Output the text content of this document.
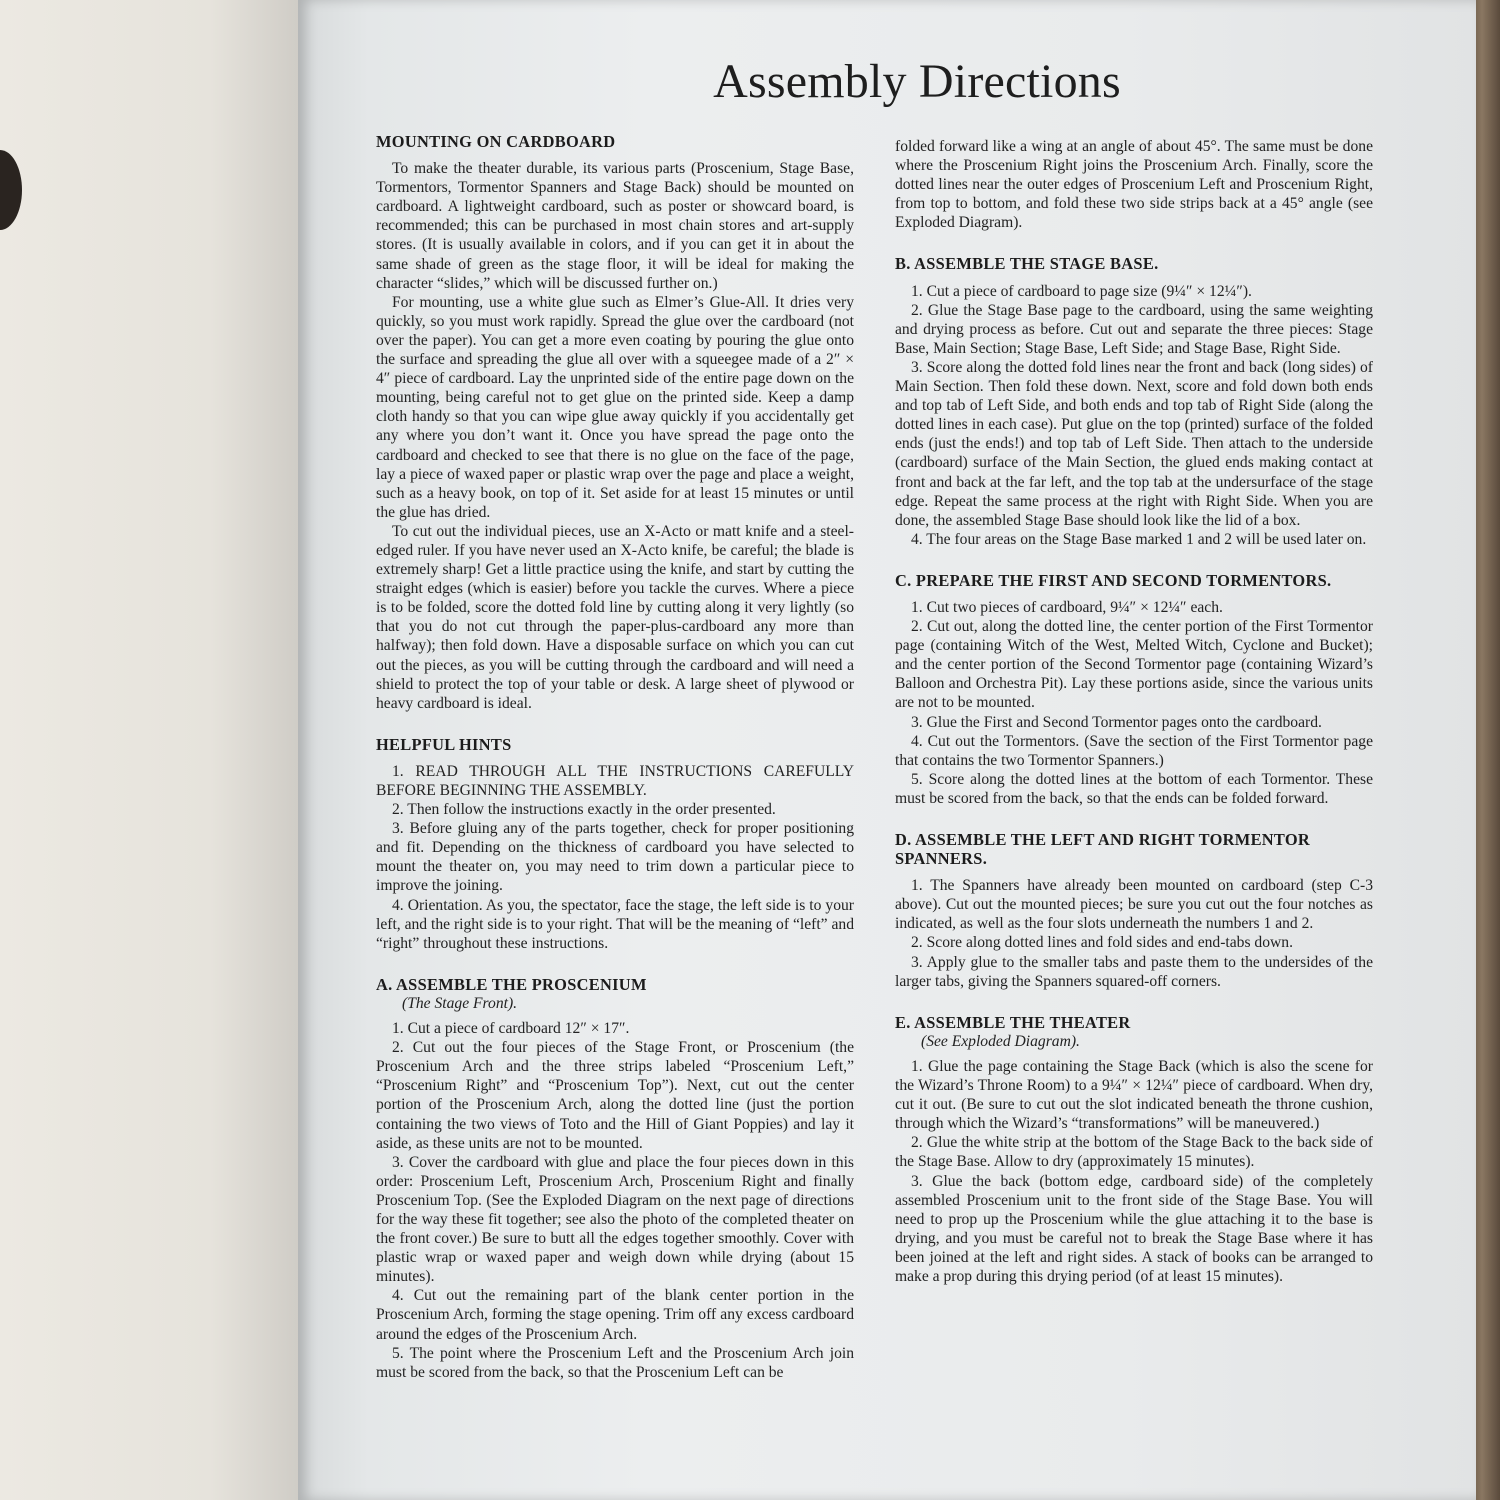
Assembly Directions
MOUNTING ON CARDBOARD

To make the theater durable, its various parts (Proscenium, Stage Base, Tormentors, Tormentor Spanners and Stage Back) should be mounted on cardboard. A lightweight cardboard, such as poster or showcard board, is recommended; this can be purchased in most chain stores and art-supply stores. (It is usually available in colors, and if you can get it in about the same shade of green as the stage floor, it will be ideal for making the character “slides,” which will be discussed further on.)

For mounting, use a white glue such as Elmer’s Glue-All. It dries very quickly, so you must work rapidly. Spread the glue over the cardboard (not over the paper). You can get a more even coating by pouring the glue onto the surface and spreading the glue all over with a squeegee made of a 2″ × 4″ piece of cardboard. Lay the unprinted side of the entire page down on the mounting, being careful not to get glue on the printed side. Keep a damp cloth handy so that you can wipe glue away quickly if you accidentally get any where you don’t want it. Once you have spread the page onto the cardboard and checked to see that there is no glue on the face of the page, lay a piece of waxed paper or plastic wrap over the page and place a weight, such as a heavy book, on top of it. Set aside for at least 15 minutes or until the glue has dried.

To cut out the individual pieces, use an X-Acto or matt knife and a steel-edged ruler. If you have never used an X-Acto knife, be careful; the blade is extremely sharp! Get a little practice using the knife, and start by cutting the straight edges (which is easier) before you tackle the curves. Where a piece is to be folded, score the dotted fold line by cutting along it very lightly (so that you do not cut through the paper-plus-cardboard any more than halfway); then fold down. Have a disposable surface on which you can cut out the pieces, as you will be cutting through the cardboard and will need a shield to protect the top of your table or desk. A large sheet of plywood or heavy cardboard is ideal.

HELPFUL HINTS

1. READ THROUGH ALL THE INSTRUCTIONS CAREFULLY BEFORE BEGINNING THE ASSEMBLY.

2. Then follow the instructions exactly in the order presented.

3. Before gluing any of the parts together, check for proper positioning and fit. Depending on the thickness of cardboard you have selected to mount the theater on, you may need to trim down a particular piece to improve the joining.

4. Orientation. As you, the spectator, face the stage, the left side is to your left, and the right side is to your right. That will be the meaning of “left” and “right” throughout these instructions.

A. ASSEMBLE THE PROSCENIUM
(The Stage Front).

1. Cut a piece of cardboard 12″ × 17″.

2. Cut out the four pieces of the Stage Front, or Proscenium (the Proscenium Arch and the three strips labeled “Proscenium Left,” “Proscenium Right” and “Proscenium Top”). Next, cut out the center portion of the Proscenium Arch, along the dotted line (just the portion containing the two views of Toto and the Hill of Giant Poppies) and lay it aside, as these units are not to be mounted.

3. Cover the cardboard with glue and place the four pieces down in this order: Proscenium Left, Proscenium Arch, Proscenium Right and finally Proscenium Top. (See the Exploded Diagram on the next page of directions for the way these fit together; see also the photo of the completed theater on the front cover.) Be sure to butt all the edges together smoothly. Cover with plastic wrap or waxed paper and weigh down while drying (about 15 minutes).

4. Cut out the remaining part of the blank center portion in the Proscenium Arch, forming the stage opening. Trim off any excess cardboard around the edges of the Proscenium Arch.

5. The point where the Proscenium Left and the Proscenium Arch join must be scored from the back, so that the Proscenium Left can be

folded forward like a wing at an angle of about 45°. The same must be done where the Proscenium Right joins the Proscenium Arch. Finally, score the dotted lines near the outer edges of Proscenium Left and Proscenium Right, from top to bottom, and fold these two side strips back at a 45° angle (see Exploded Diagram).

B. ASSEMBLE THE STAGE BASE.

1. Cut a piece of cardboard to page size (9¼″ × 12¼″).

2. Glue the Stage Base page to the cardboard, using the same weighting and drying process as before. Cut out and separate the three pieces: Stage Base, Main Section; Stage Base, Left Side; and Stage Base, Right Side.

3. Score along the dotted fold lines near the front and back (long sides) of Main Section. Then fold these down. Next, score and fold down both ends and top tab of Left Side, and both ends and top tab of Right Side (along the dotted lines in each case). Put glue on the top (printed) surface of the folded ends (just the ends!) and top tab of Left Side. Then attach to the underside (cardboard) surface of the Main Section, the glued ends making contact at front and back at the far left, and the top tab at the undersurface of the stage edge. Repeat the same process at the right with Right Side. When you are done, the assembled Stage Base should look like the lid of a box.

4. The four areas on the Stage Base marked 1 and 2 will be used later on.

C. PREPARE THE FIRST AND SECOND TORMENTORS.

1. Cut two pieces of cardboard, 9¼″ × 12¼″ each.

2. Cut out, along the dotted line, the center portion of the First Tormentor page (containing Witch of the West, Melted Witch, Cyclone and Bucket); and the center portion of the Second Tormentor page (containing Wizard’s Balloon and Orchestra Pit). Lay these portions aside, since the various units are not to be mounted.

3. Glue the First and Second Tormentor pages onto the cardboard.

4. Cut out the Tormentors. (Save the section of the First Tormentor page that contains the two Tormentor Spanners.)

5. Score along the dotted lines at the bottom of each Tormentor. These must be scored from the back, so that the ends can be folded forward.

D. ASSEMBLE THE LEFT AND RIGHT TORMENTOR SPANNERS.

1. The Spanners have already been mounted on cardboard (step C-3 above). Cut out the mounted pieces; be sure you cut out the four notches as indicated, as well as the four slots underneath the numbers 1 and 2.

2. Score along dotted lines and fold sides and end-tabs down.

3. Apply glue to the smaller tabs and paste them to the undersides of the larger tabs, giving the Spanners squared-off corners.

E. ASSEMBLE THE THEATER
(See Exploded Diagram).

1. Glue the page containing the Stage Back (which is also the scene for the Wizard’s Throne Room) to a 9¼″ × 12¼″ piece of cardboard. When dry, cut it out. (Be sure to cut out the slot indicated beneath the throne cushion, through which the Wizard’s “transformations” will be maneuvered.)

2. Glue the white strip at the bottom of the Stage Back to the back side of the Stage Base. Allow to dry (approximately 15 minutes).

3. Glue the back (bottom edge, cardboard side) of the completely assembled Proscenium unit to the front side of the Stage Base. You will need to prop up the Proscenium while the glue attaching it to the base is drying, and you must be careful not to break the Stage Base where it has been joined at the left and right sides. A stack of books can be arranged to make a prop during this drying period (of at least 15 minutes).
